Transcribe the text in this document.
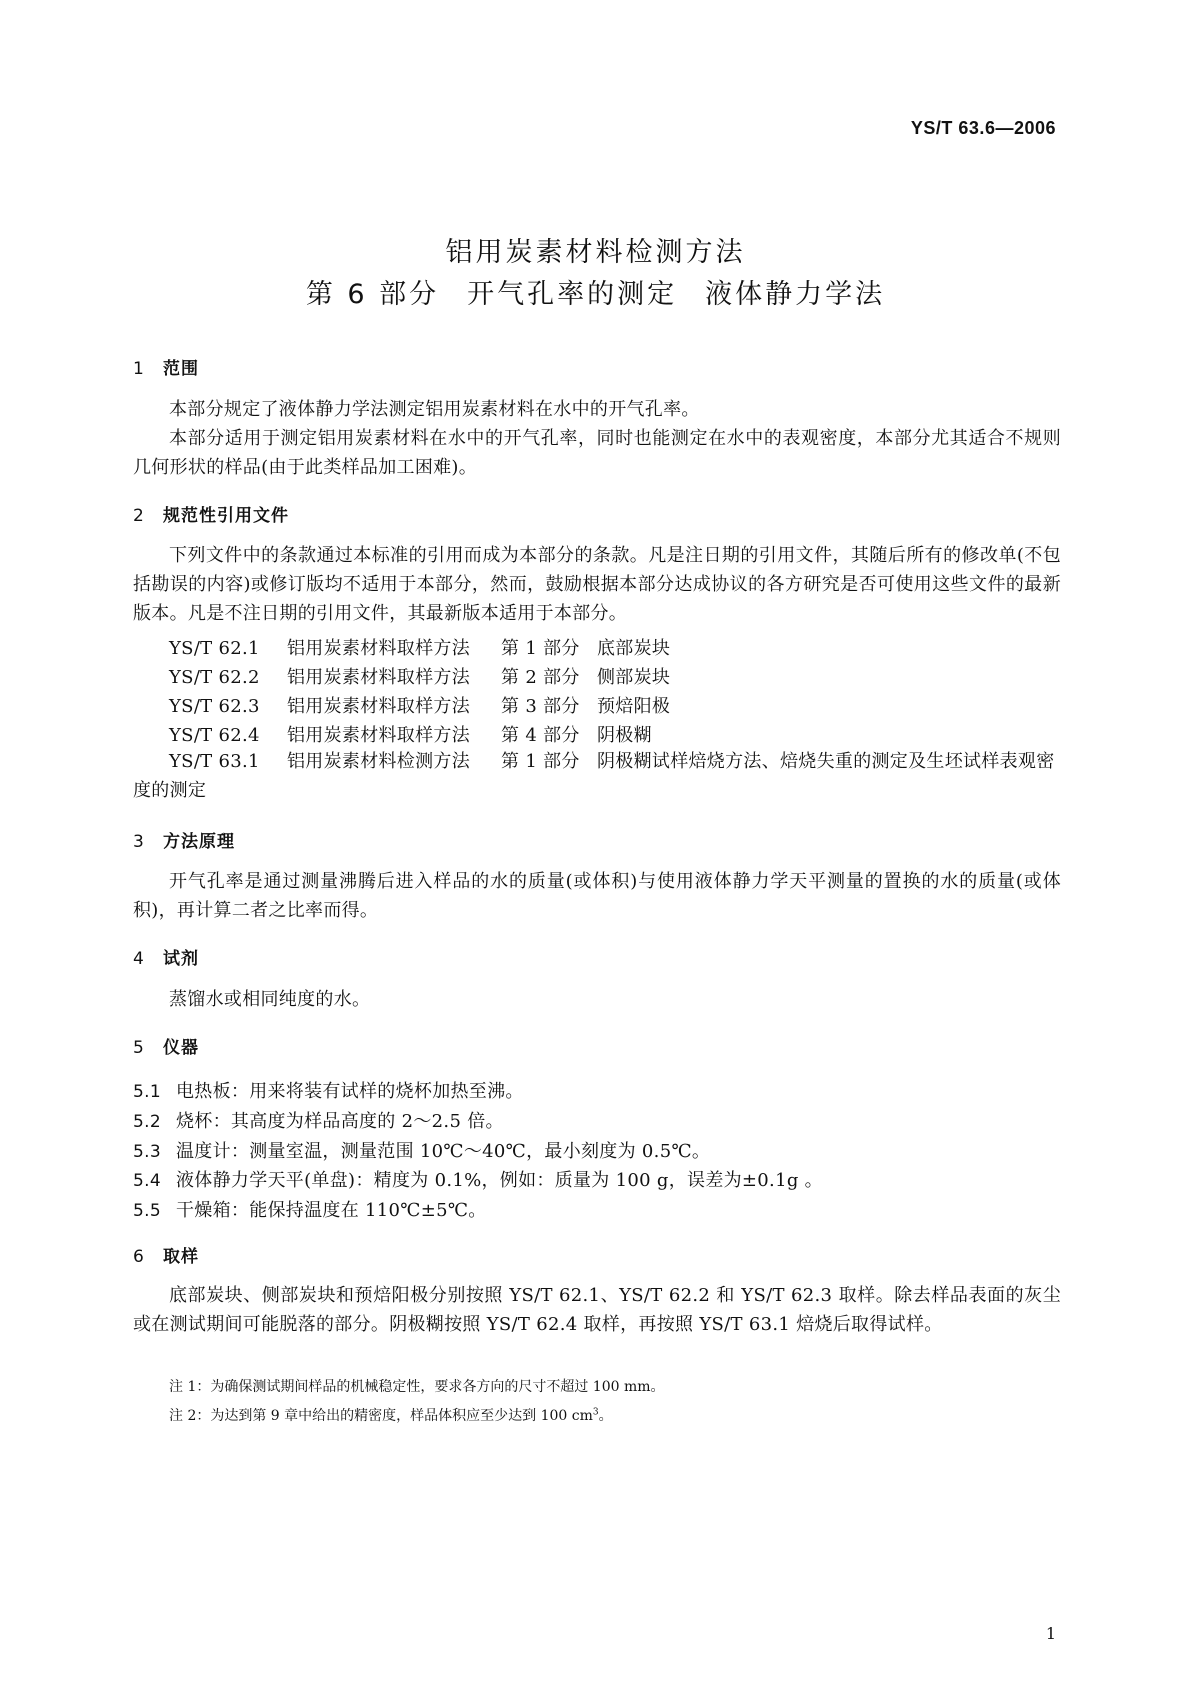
YS/T 63.6—2006
铝用炭素材料检测方法
第 6 部分 开气孔率的测定 液体静力学法
1 范围
本部分规定了液体静力学法测定铝用炭素材料在水中的开气孔率。
本部分适用于测定铝用炭素材料在水中的开气孔率，同时也能测定在水中的表观密度，本部分尤其适合不规则几何形状的样品(由于此类样品加工困难)。
2 规范性引用文件
下列文件中的条款通过本标准的引用而成为本部分的条款。凡是注日期的引用文件，其随后所有的修改单(不包括勘误的内容)或修订版均不适用于本部分，然而，鼓励根据本部分达成协议的各方研究是否可使用这些文件的最新版本。凡是不注日期的引用文件，其最新版本适用于本部分。
YS/T 62.1 铝用炭素材料取样方法 第 1 部分 底部炭块
YS/T 62.2 铝用炭素材料取样方法 第 2 部分 侧部炭块
YS/T 62.3 铝用炭素材料取样方法 第 3 部分 预焙阳极
YS/T 62.4 铝用炭素材料取样方法 第 4 部分 阴极糊
YS/T 63.1 铝用炭素材料检测方法 第 1 部分 阴极糊试样焙烧方法、焙烧失重的测定及生坯试样表观密度的测定
3 方法原理
开气孔率是通过测量沸腾后进入样品的水的质量(或体积)与使用液体静力学天平测量的置换的水的质量(或体积)，再计算二者之比率而得。
4 试剂
蒸馏水或相同纯度的水。
5 仪器
5.1 电热板：用来将装有试样的烧杯加热至沸。
5.2 烧杯：其高度为样品高度的 2～2.5 倍。
5.3 温度计：测量室温，测量范围 10℃～40℃，最小刻度为 0.5℃。
5.4 液体静力学天平(单盘)：精度为 0.1%，例如：质量为 100 g，误差为±0.1g 。
5.5 干燥箱：能保持温度在 110℃±5℃。
6 取样
底部炭块、侧部炭块和预焙阳极分别按照 YS/T 62.1、YS/T 62.2 和 YS/T 62.3 取样。除去样品表面的灰尘或在测试期间可能脱落的部分。阴极糊按照 YS/T 62.4 取样，再按照 YS/T 63.1 焙烧后取得试样。
注 1：为确保测试期间样品的机械稳定性，要求各方向的尺寸不超过 100 mm。
注 2：为达到第 9 章中给出的精密度，样品体积应至少达到 100 $cm^3$。
1
